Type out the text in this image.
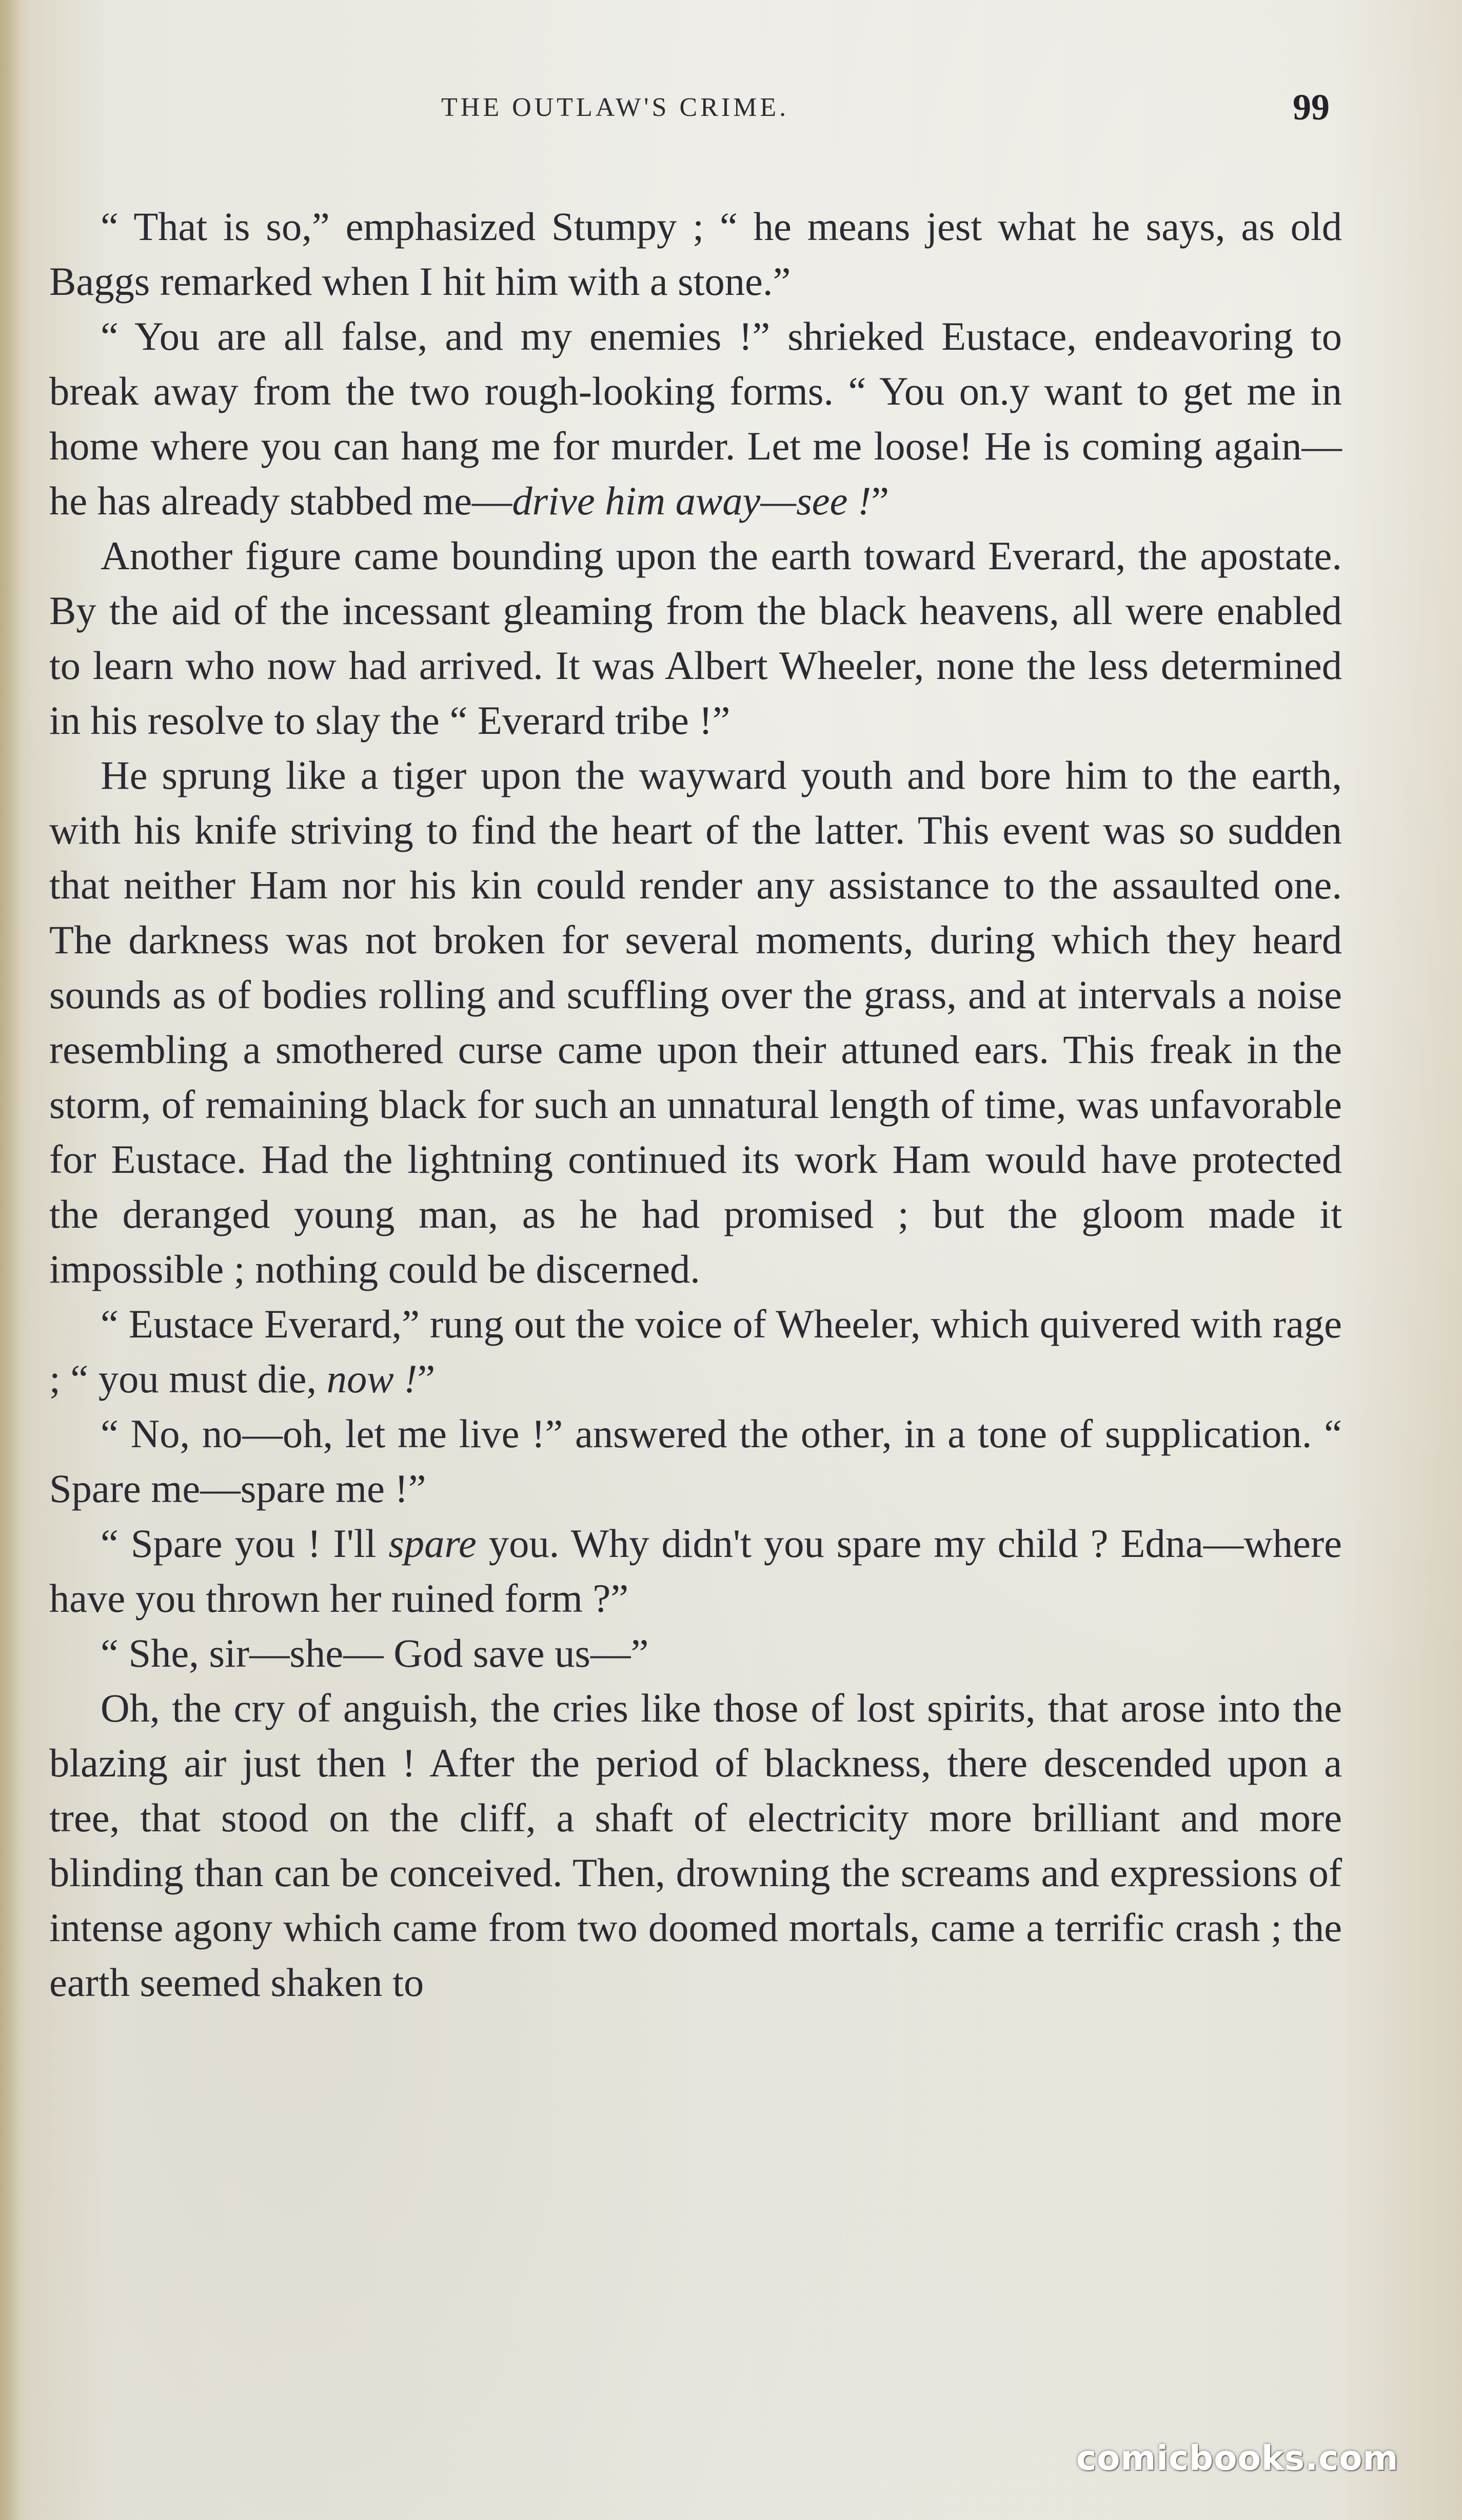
THE OUTLAW'S CRIME.	99

“ That is so,” emphasized Stumpy ; “ he means jest what he says, as old Baggs remarked when I hit him with a stone.”

“ You are all false, and my enemies !” shrieked Eustace, endeavoring to break away from the two rough-looking forms. “ You on.y want to get me in home where you can hang me for murder. Let me loose! He is coming again—he has already stabbed me—drive him away—see !”

Another figure came bounding upon the earth toward Everard, the apostate. By the aid of the incessant gleaming from the black heavens, all were enabled to learn who now had arrived. It was Albert Wheeler, none the less determined in his resolve to slay the “ Everard tribe !”

He sprung like a tiger upon the wayward youth and bore him to the earth, with his knife striving to find the heart of the latter. This event was so sudden that neither Ham nor his kin could render any assistance to the assaulted one. The darkness was not broken for several moments, during which they heard sounds as of bodies rolling and scuffling over the grass, and at intervals a noise resembling a smothered curse came upon their attuned ears. This freak in the storm, of remaining black for such an unnatural length of time, was unfavorable for Eustace. Had the lightning continued its work Ham would have protected the deranged young man, as he had promised ; but the gloom made it impossible ; nothing could be discerned.

“ Eustace Everard,” rung out the voice of Wheeler, which quivered with rage ; “ you must die, now !”

“ No, no—oh, let me live !” answered the other, in a tone of supplication. “ Spare me—spare me !”

“ Spare you ! I'll spare you. Why didn't you spare my child ? Edna—where have you thrown her ruined form ?”

“ She, sir—she— God save us—”

Oh, the cry of anguish, the cries like those of lost spirits, that arose into the blazing air just then ! After the period of blackness, there descended upon a tree, that stood on the cliff, a shaft of electricity more brilliant and more blinding than can be conceived. Then, drowning the screams and expressions of intense agony which came from two doomed mortals, came a terrific crash ; the earth seemed shaken to

comicbooks.com
